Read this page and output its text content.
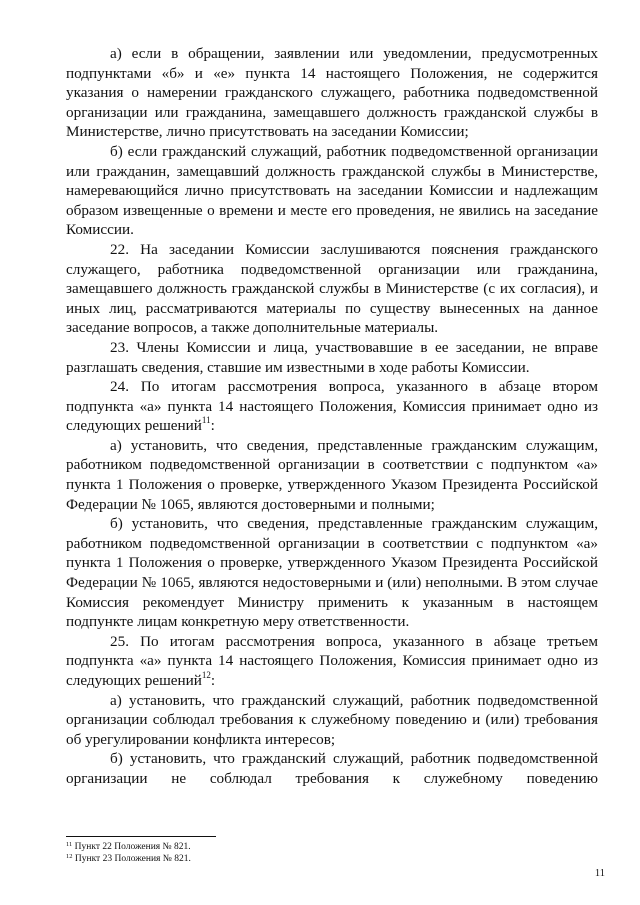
а) если в обращении, заявлении или уведомлении, предусмотренных подпунктами «б» и «е» пункта 14 настоящего Положения, не содержится указания о намерении гражданского служащего, работника подведомственной организации или гражданина, замещавшего должность гражданской службы в Министерстве, лично присутствовать на заседании Комиссии;

б) если гражданский служащий, работник подведомственной организации или гражданин, замещавший должность гражданской службы в Министерстве, намеревающийся лично присутствовать на заседании Комиссии и надлежащим образом извещенные о времени и месте его проведения, не явились на заседание Комиссии.

22. На заседании Комиссии заслушиваются пояснения гражданского служащего, работника подведомственной организации или гражданина, замещавшего должность гражданской службы в Министерстве (с их согласия), и иных лиц, рассматриваются материалы по существу вынесенных на данное заседание вопросов, а также дополнительные материалы.

23. Члены Комиссии и лица, участвовавшие в ее заседании, не вправе разглашать сведения, ставшие им известными в ходе работы Комиссии.

24. По итогам рассмотрения вопроса, указанного в абзаце втором подпункта «а» пункта 14 настоящего Положения, Комиссия принимает одно из следующих решений$^{11}$:

а) установить, что сведения, представленные гражданским служащим, работником подведомственной организации в соответствии с подпунктом «а» пункта 1 Положения о проверке, утвержденного Указом Президента Российской Федерации № 1065, являются достоверными и полными;

б) установить, что сведения, представленные гражданским служащим, работником подведомственной организации в соответствии с подпунктом «а» пункта 1 Положения о проверке, утвержденного Указом Президента Российской Федерации № 1065, являются недостоверными и (или) неполными. В этом случае Комиссия рекомендует Министру применить к указанным в настоящем подпункте лицам конкретную меру ответственности.

25. По итогам рассмотрения вопроса, указанного в абзаце третьем подпункта «а» пункта 14 настоящего Положения, Комиссия принимает одно из следующих решений$^{12}$:

а) установить, что гражданский служащий, работник подведомственной организации соблюдал требования к служебному поведению и (или) требования об урегулировании конфликта интересов;

б) установить, что гражданский служащий, работник подведомственной организации не соблюдал требования к служебному поведению

$^{11}$ Пункт 22 Положения № 821.

$^{12}$ Пункт 23 Положения № 821.

11
